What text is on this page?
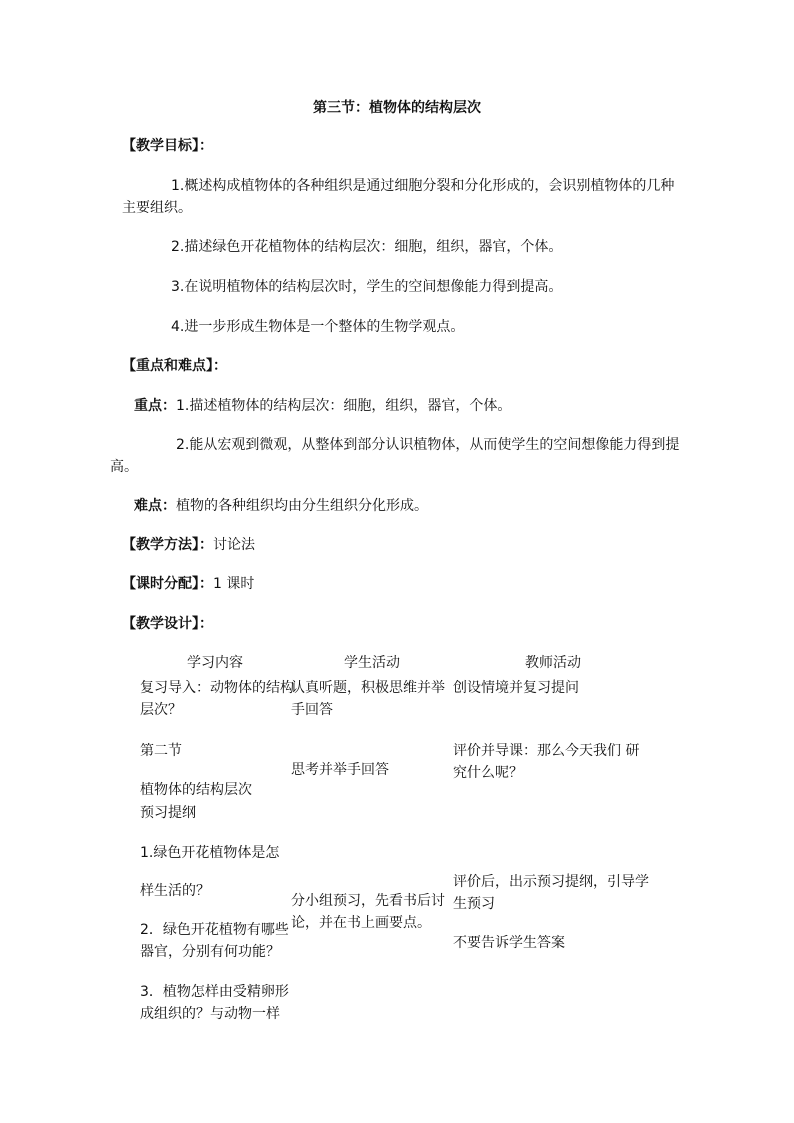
第三节：植物体的结构层次
【教学目标】：
1.概述构成植物体的各种组织是通过细胞分裂和分化形成的，会识别植物体的几种
主要组织。
2.描述绿色开花植物体的结构层次：细胞，组织，器官，个体。
3.在说明植物体的结构层次时，学生的空间想像能力得到提高。
4.进一步形成生物体是一个整体的生物学观点。
【重点和难点】：
重点：1.描述植物体的结构层次：细胞，组织，器官，个体。
2.能从宏观到微观，从整体到部分认识植物体，从而使学生的空间想像能力得到提
高。
难点：植物的各种组织均由分生组织分化形成。
【教学方法】：讨论法
【课时分配】：1 课时
【教学设计】：
学习内容	学生活动	教师活动
复习导入：动物体的结构
层次？
第二节
植物体的结构层次
预习提纲
1.绿色开花植物体是怎
样生活的？
2．绿色开花植物有哪些
器官，分别有何功能？
3．植物怎样由受精卵形
成组织的？与动物一样
认真听题，积极思维并举
手回答
思考并举手回答
分小组预习，先看书后讨
论，并在书上画要点。
创设情境并复习提问
评价并导课：那么今天我们 研
究什么呢？
评价后，出示预习提纲，引导学
生预习
不要告诉学生答案
